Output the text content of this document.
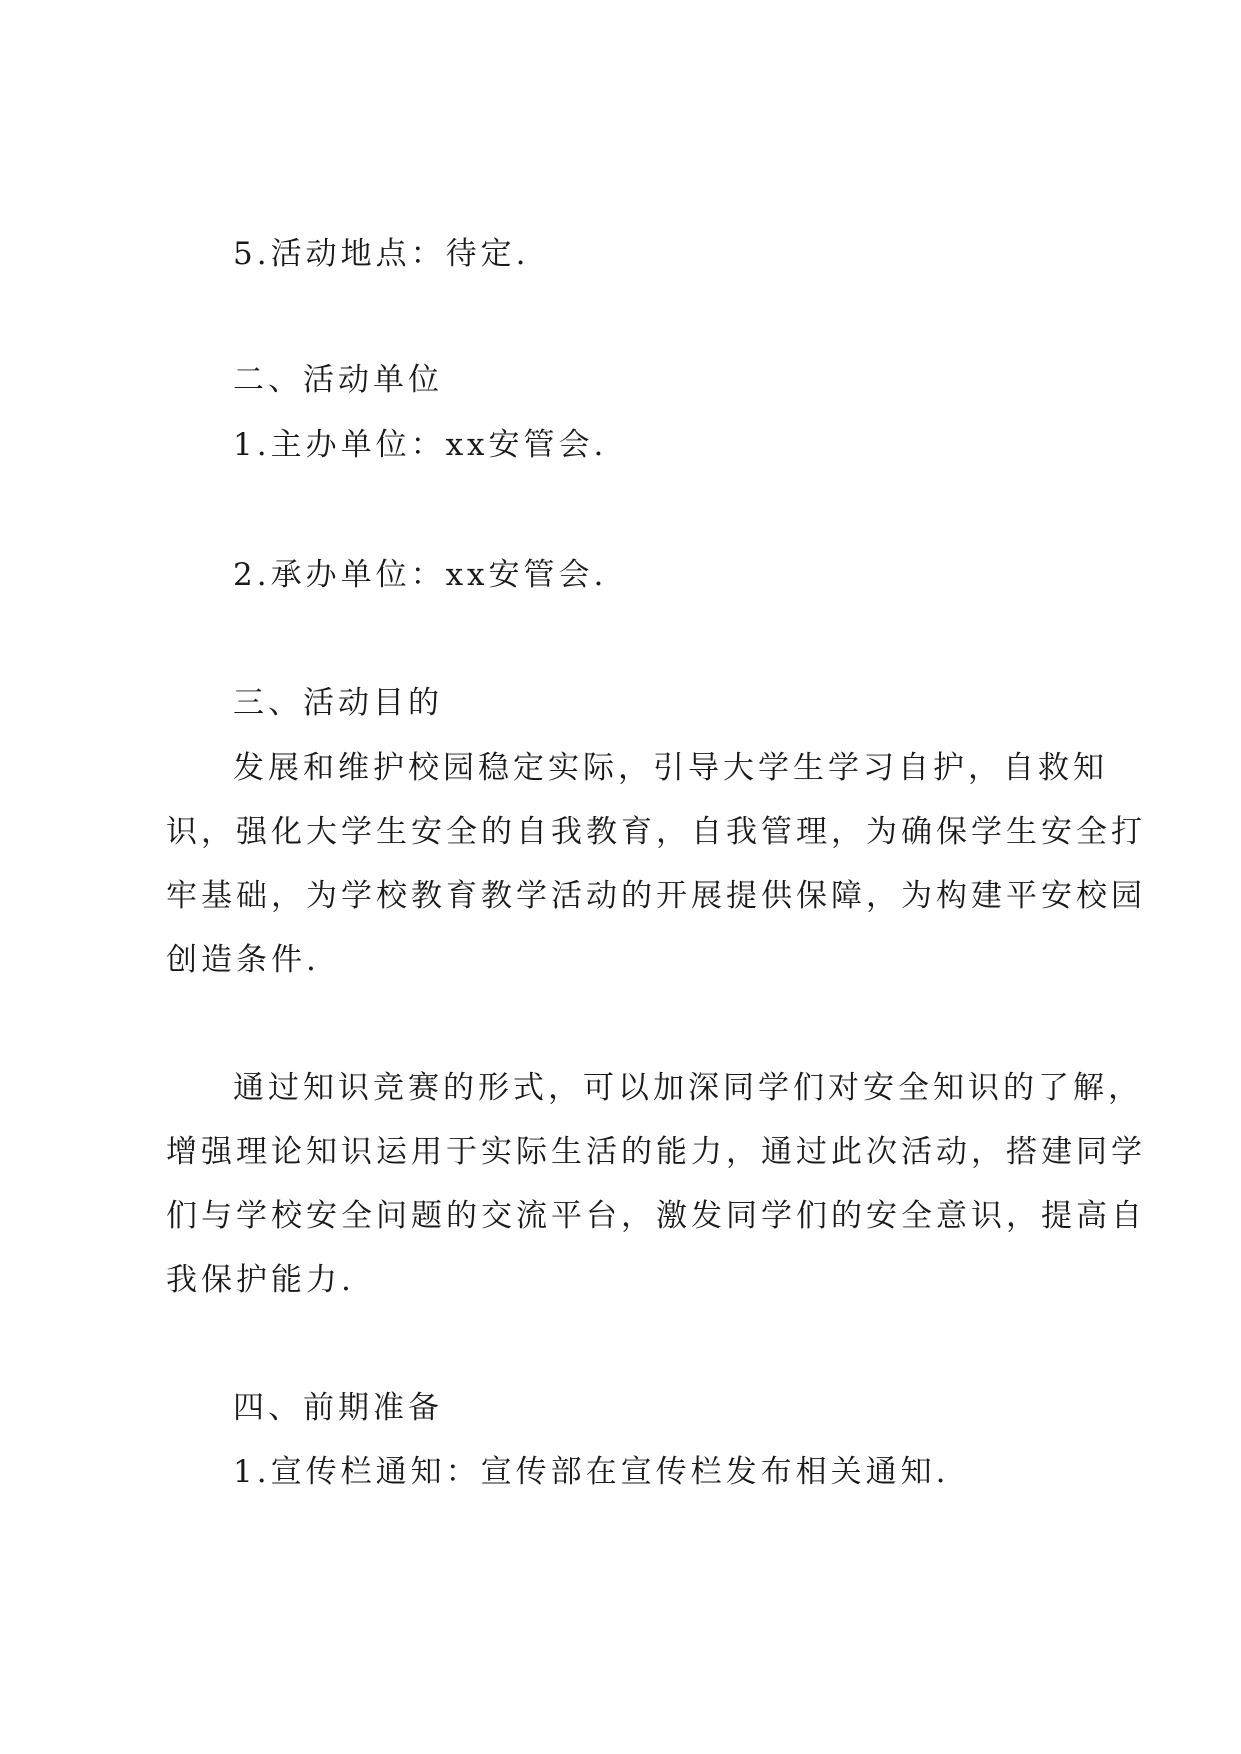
5.活动地点：待定.

二、活动单位

1.主办单位：xx安管会.

2.承办单位：xx安管会.

三、活动目的

发展和维护校园稳定实际，引导大学生学习自护，自救知

识，强化大学生安全的自我教育，自我管理，为确保学生安全打

牢基础，为学校教育教学活动的开展提供保障，为构建平安校园

创造条件.

通过知识竞赛的形式，可以加深同学们对安全知识的了解，

增强理论知识运用于实际生活的能力，通过此次活动，搭建同学

们与学校安全问题的交流平台，激发同学们的安全意识，提高自

我保护能力.

四、前期准备

1.宣传栏通知：宣传部在宣传栏发布相关通知.
